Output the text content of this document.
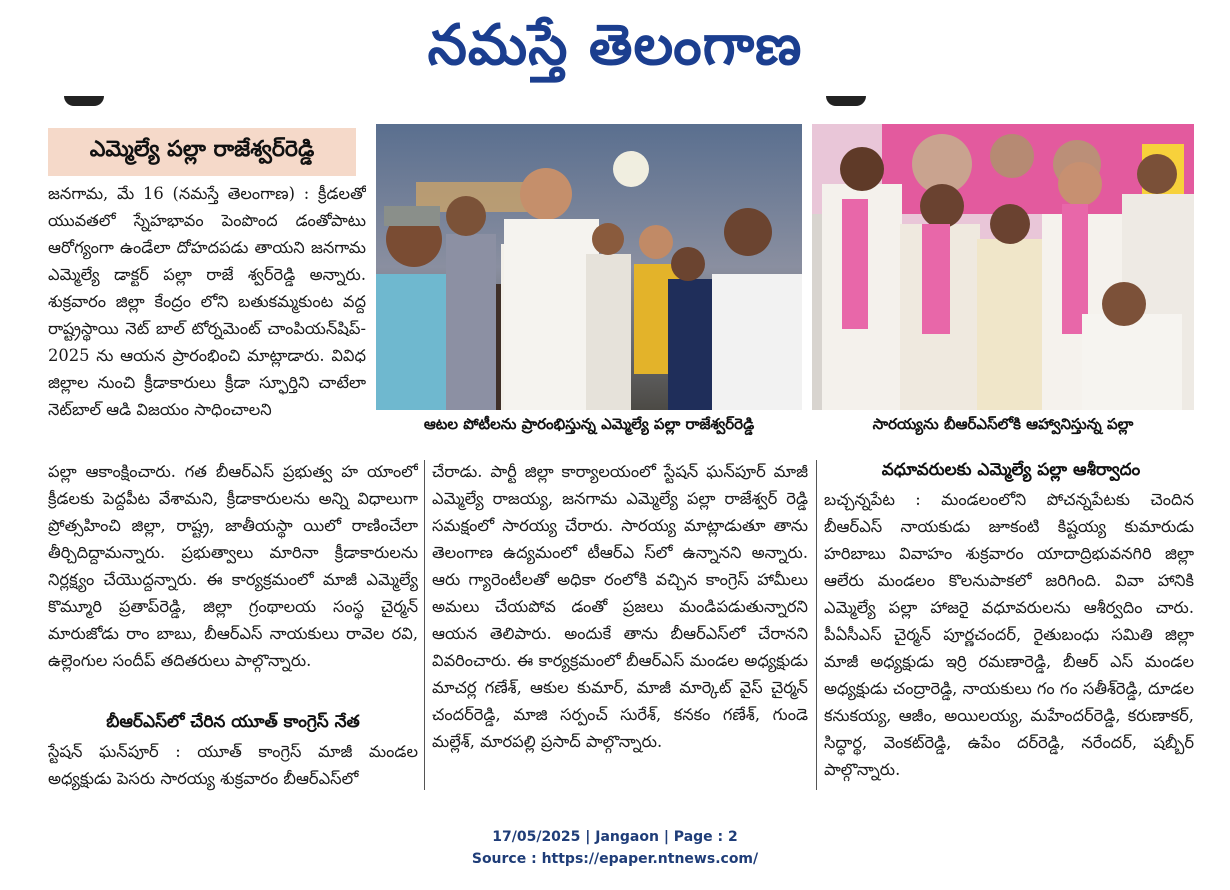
నమస్తే తెలంగాణ
ఎమ్మెల్యే పల్లా రాజేశ్వర్‌రెడ్డి

జనగామ, మే 16 (నమస్తే తెలంగాణ) : క్రీడలతో యువతలో స్నేహభావం పెంపొంద డంతోపాటు ఆరోగ్యంగా ఉండేలా దోహదపడు తాయని జనగామ ఎమ్మెల్యే డాక్టర్ పల్లా రాజే శ్వర్‌రెడ్డి అన్నారు. శుక్రవారం జిల్లా కేంద్రం లోని బతుకమ్మకుంట వద్ద రాష్ట్రస్థాయి నెట్ బాల్ టోర్నమెంట్ చాంపియన్‌షిప్- 2025 ను ఆయన ప్రారంభించి మాట్లాడారు. వివిధ జిల్లాల నుంచి క్రీడాకారులు క్రీడా స్ఫూర్తిని చాటేలా నెట్‌బాల్ ఆడి విజయం సాధించాలని

ఆటల పోటీలను ప్రారంభిస్తున్న ఎమ్మెల్యే పల్లా రాజేశ్వర్‌రెడ్డి	సారయ్యను బీఆర్‌ఎస్‌లోకి ఆహ్వానిస్తున్న పల్లా

పల్లా ఆకాంక్షించారు. గత బీఆర్‌ఎస్ ప్రభుత్వ హ యాంలో క్రీడలకు పెద్దపీట వేశామని, క్రీడాకారులను అన్ని విధాలుగా ప్రోత్సహించి జిల్లా, రాష్ట్ర, జాతీయస్థా యిలో రాణించేలా తీర్చిదిద్దామన్నారు. ప్రభుత్వాలు మారినా క్రీడాకారులను నిర్లక్ష్యం చేయొద్దన్నారు. ఈ కార్యక్రమంలో మాజీ ఎమ్మెల్యే కొమ్మూరి ప్రతాప్‌రెడ్డి, జిల్లా గ్రంథాలయ సంస్థ చైర్మన్ మారుజోడు రాం బాబు, బీఆర్‌ఎస్ నాయకులు రావెల రవి, ఉల్లెంగుల సందీప్ తదితరులు పాల్గొన్నారు.

బీఆర్‌ఎస్‌లో చేరిన యూత్ కాంగ్రెస్ నేత

స్టేషన్ ఘన్‌పూర్ : యూత్ కాంగ్రెస్ మాజీ మండల అధ్యక్షుడు పెసరు సారయ్య శుక్రవారం బీఆర్‌ఎస్‌లో

చేరాడు. పార్టీ జిల్లా కార్యాలయంలో స్టేషన్ ఘన్‌పూర్ మాజీ ఎమ్మెల్యే రాజయ్య, జనగామ ఎమ్మెల్యే పల్లా రాజేశ్వర్ రెడ్డి సమక్షంలో సారయ్య చేరారు. సారయ్య మాట్లాడుతూ తాను తెలంగాణ ఉద్యమంలో టీఆర్‌ఎ స్‌లో ఉన్నానని అన్నారు. ఆరు గ్యారెంటీలతో అధికా రంలోకి వచ్చిన కాంగ్రెస్ హామీలు అమలు చేయపోవ డంతో ప్రజలు మండిపడుతున్నారని ఆయన తెలిపారు. అందుకే తాను బీఆర్‌ఎస్‌లో చేరానని వివరించారు. ఈ కార్యక్రమంలో బీఆర్‌ఎస్ మండల అధ్యక్షుడు మాచర్ల గణేశ్, ఆకుల కుమార్, మాజీ మార్కెట్ వైస్ చైర్మన్ చందర్‌రెడ్డి, మాజి సర్పంచ్ సురేశ్, కనకం గణేశ్, గుండె మల్లేశ్, మారపల్లి ప్రసాద్ పాల్గొన్నారు.

వధూవరులకు ఎమ్మెల్యే పల్లా ఆశీర్వాదం

బచ్చన్నపేట : మండలంలోని పోచన్నపేటకు చెందిన బీఆర్‌ఎస్ నాయకుడు జూకంటి కిష్టయ్య కుమారుడు హరిబాబు వివాహం శుక్రవారం యాదాద్రిభువనగిరి జిల్లా ఆలేరు మండలం కొలనుపాకలో జరిగింది. వివా హానికి ఎమ్మెల్యే పల్లా హాజరై వధూవరులను ఆశీర్వదిం చారు. పీఏసీఎస్ చైర్మన్ పూర్ణచందర్, రైతుబంధు సమితి జిల్లా మాజీ అధ్యక్షుడు ఇర్రి రమణారెడ్డి, బీఆర్ ఎస్ మండల అధ్యక్షుడు చంద్రారెడ్డి, నాయకులు గం గం సతీశ్‌రెడ్డి, దూడల కనుకయ్య, ఆజీం, అయిలయ్య, మహేందర్‌రెడ్డి, కరుణాకర్, సిద్ధార్థ, వెంకట్‌రెడ్డి, ఉపేం దర్‌రెడ్డి, నరేందర్, షబ్బీర్ పాల్గొన్నారు.

17/05/2025 | Jangaon | Page : 2
Source : https://epaper.ntnews.com/
